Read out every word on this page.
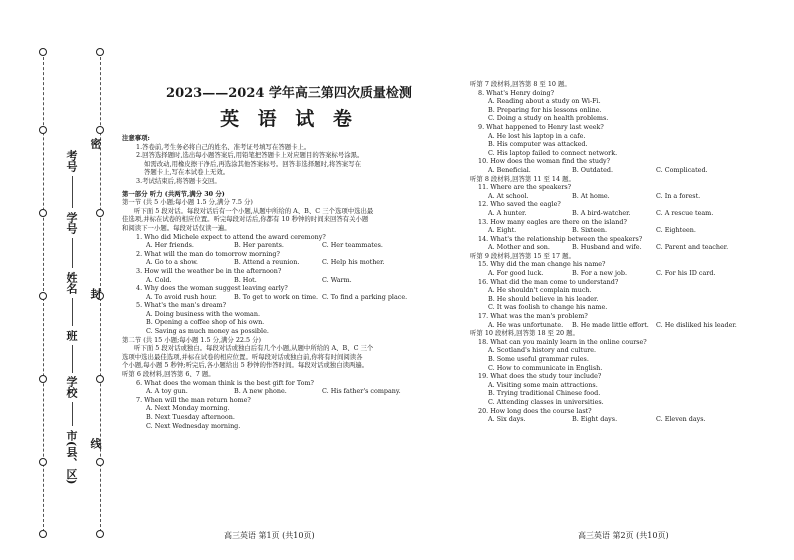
考号
学号
姓名
班
学校
市(县、区)
密
封
线
2023——2024 学年高三第四次质量检测
英 语 试 卷
注意事项:
1.答卷前,考生务必将自己的姓名、准考证号填写在答题卡上。
2.回答选择题时,选出每小题答案后,用铅笔把答题卡上对应题目的答案标号涂黑。
如需改动,用橡皮擦干净后,再选涂其他答案标号。回答非选择题时,将答案写在
答题卡上,写在本试卷上无效。
3.考试结束后,将答题卡交回。
第一部分 听力 (共两节,满分 30 分)
第一节 (共 5 小题;每小题 1.5 分,满分 7.5 分)
听下面 5 段对话。每段对话后有一个小题,从题中所给的 A、B、C 三个选项中选出最
佳选项,并标在试卷的相应位置。听完每段对话后,你都有 10 秒钟的时间来回答有关小题
和阅读下一小题。每段对话仅读一遍。
1. Who did Michele expect to attend the award ceremony?
A. Her friends.	B. Her parents.	C. Her teammates.
2. What will the man do tomorrow morning?
A. Go to a show.	B. Attend a reunion.	C. Help his mother.
3. How will the weather be in the afternoon?
A. Cold.	B. Hot.	C. Warm.
4. Why does the woman suggest leaving early?
A. To avoid rush hour.	B. To get to work on time. C. To find a parking place.
5. What's the man's dream?
A. Doing business with the woman.
B. Opening a coffee shop of his own.
C. Saving as much money as possible.
第二节 (共 15 小题;每小题 1.5 分,满分 22.5 分)
听下面 5 段对话或独白。每段对话或独白后有几个小题,从题中所给的 A、B、C 三个
选项中选出最佳选项,并标在试卷的相应位置。听每段对话或独白前,你将有时间阅读各
个小题,每小题 5 秒钟;听完后,各小题给出 5 秒钟的作答时间。每段对话或独白读两遍。
听第 6 段材料,回答第 6、7 题。
6. What does the woman think is the best gift for Tom?
A. A toy gun.	B. A new phone.	C. His father's company.
7. When will the man return home?
A. Next Monday morning.
B. Next Tuesday afternoon.
C. Next Wednesday morning.
听第 7 段材料,回答第 8 至 10 题。
8. What's Henry doing?
A. Reading about a study on Wi-Fi.
B. Preparing for his lessons online.
C. Doing a study on health problems.
9. What happened to Henry last week?
A. He lost his laptop in a cafe.
B. His computer was attacked.
C. His laptop failed to connect network.
10. How does the woman find the study?
A. Beneficial.	B. Outdated.	C. Complicated.
听第 8 段材料,回答第 11 至 14 题。
11. Where are the speakers?
A. At school.	B. At home.	C. In a forest.
12. Who saved the eagle?
A. A hunter.	B. A bird-watcher.	C. A rescue team.
13. How many eagles are there on the island?
A. Eight.	B. Sixteen.	C. Eighteen.
14. What's the relationship between the speakers?
A. Mother and son.	B. Husband and wife.	C. Parent and teacher.
听第 9 段材料,回答第 15 至 17 题。
15. Why did the man change his name?
A. For good luck.	B. For a new job.	C. For his ID card.
16. What did the man come to understand?
A. He shouldn't complain much.
B. He should believe in his leader.
C. It was foolish to change his name.
17. What was the man's problem?
A. He was unfortunate.	B. He made little effort.	C. He disliked his leader.
听第 10 段材料,回答第 18 至 20 题。
18. What can you mainly learn in the online course?
A. Scotland's history and culture.
B. Some useful grammar rules.
C. How to communicate in English.
19. What does the study tour include?
A. Visiting some main attractions.
B. Trying traditional Chinese food.
C. Attending classes in universities.
20. How long does the course last?
A. Six days.	B. Eight days.	C. Eleven days.
高三英语 第1页 (共10页)	高三英语 第2页 (共10页)
